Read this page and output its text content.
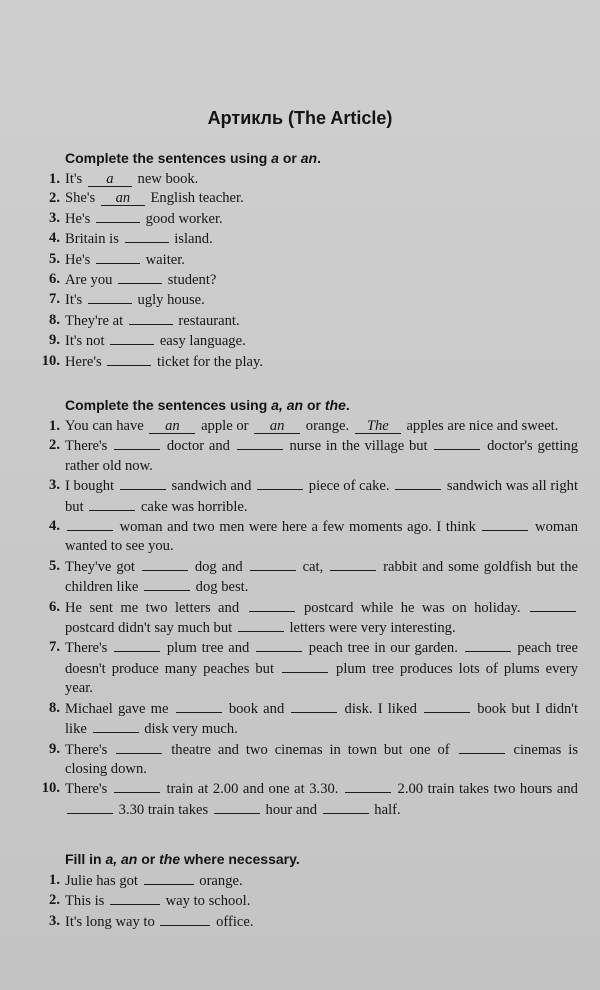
Артикль (The Article)
Complete the sentences using a or an.
1. It's a new book.
2. She's an English teacher.
3. He's	good worker.
4. Britain is	island.
5. He's	waiter.
6. Are you	student?
7. It's	ugly house.
8. They're at	restaurant.
9. It's not	easy language.
10. Here's	ticket for the play.
Complete the sentences using a, an or the.
1. You can have an apple or an orange. The apples are nice and sweet.
2. There's	doctor and	nurse in the village but	doctor's getting rather old now.
3. I bought	sandwich and	piece of cake.	sandwich was all right but	cake was horrible.
4.	woman and two men were here a few moments ago. I think	woman wanted to see you.
5. They've got	dog and	cat,	rabbit and some goldfish but the children like	dog best.
6. He sent me two letters and	postcard while he was on holiday.  postcard didn't say much but	letters were very interesting.
7. There's	plum tree and	peach tree in our garden.	peach tree doesn't produce many peaches but	plum tree produces lots of plums every year.
8. Michael gave me	book and	disk. I liked	book but I didn't like	disk very much.
9. There's	theatre and two cinemas in town but one of	cinemas is closing down.
10. There's	train at 2.00 and one at 3.30.	2.00 train takes two hours and  3.30 train takes	hour and	half.
Fill in a, an or the where necessary.
1. Julie has got	orange.
2. This is	way to school.
3. It's long way to	office.
